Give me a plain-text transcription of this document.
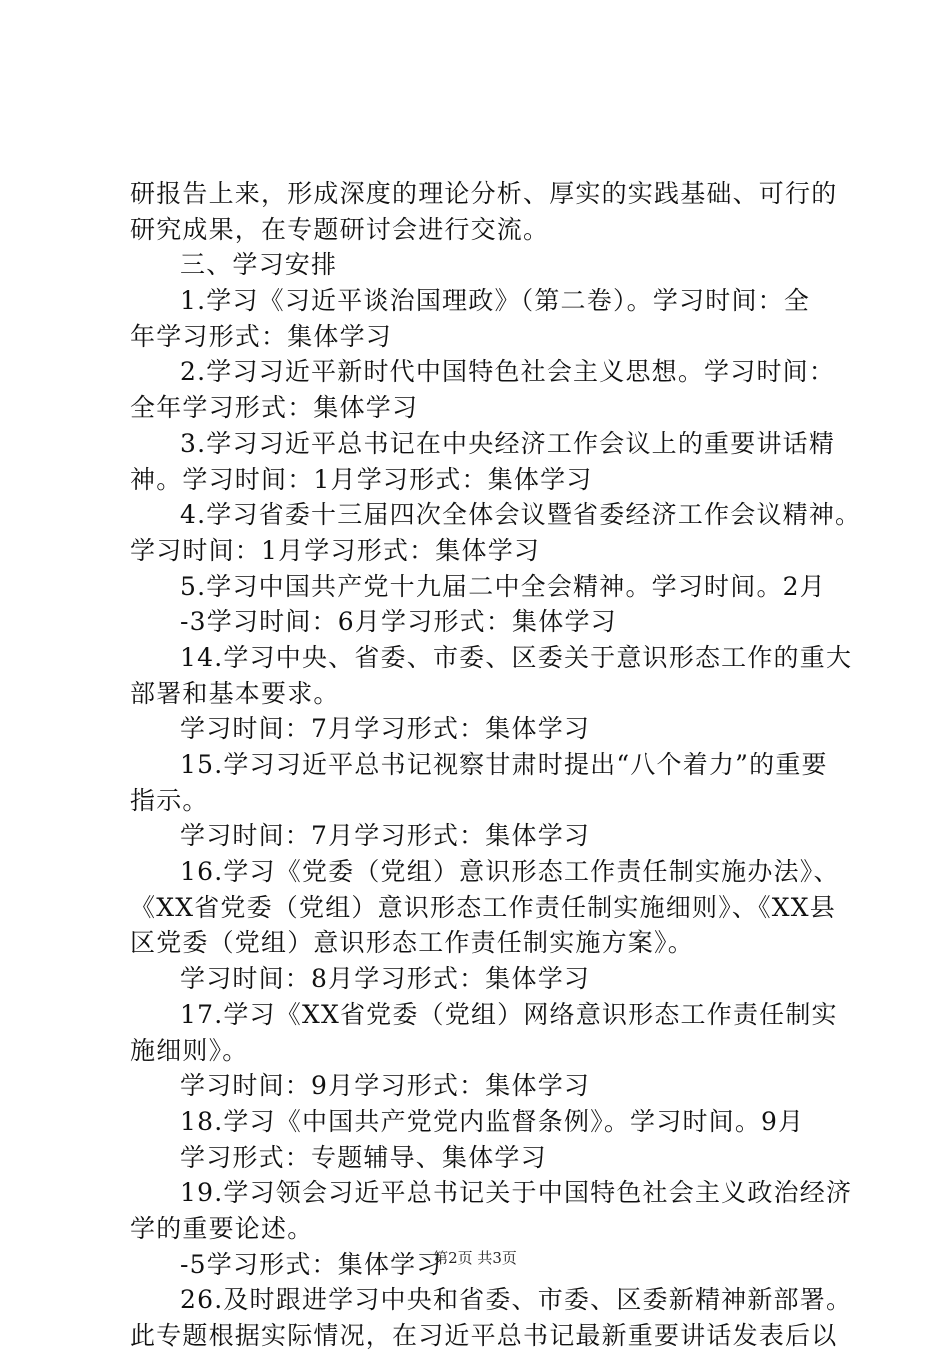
研报告上来，形成深度的理论分析、厚实的实践基础、可行的
研究成果，在专题研讨会进行交流。
三、学习安排
1.学习《习近平谈治国理政》（第二卷）。学习时间：全
年学习形式：集体学习
2.学习习近平新时代中国特色社会主义思想。学习时间：
全年学习形式：集体学习
3.学习习近平总书记在中央经济工作会议上的重要讲话精
神。学习时间：1月学习形式：集体学习
4.学习省委十三届四次全体会议暨省委经济工作会议精神。
学习时间：1月学习形式：集体学习
5.学习中国共产党十九届二中全会精神。学习时间。2月
-3学习时间：6月学习形式：集体学习
14.学习中央、省委、市委、区委关于意识形态工作的重大
部署和基本要求。
学习时间：7月学习形式：集体学习
15.学习习近平总书记视察甘肃时提出“八个着力”的重要
指示。
学习时间：7月学习形式：集体学习
16.学习《党委（党组）意识形态工作责任制实施办法》、
《XX省党委（党组）意识形态工作责任制实施细则》、《XX县
区党委（党组）意识形态工作责任制实施方案》。
学习时间：8月学习形式：集体学习
17.学习《XX省党委（党组）网络意识形态工作责任制实
施细则》。
学习时间：9月学习形式：集体学习
18.学习《中国共产党党内监督条例》。学习时间。9月
学习形式：专题辅导、集体学习
19.学习领会习近平总书记关于中国特色社会主义政治经济
学的重要论述。
-5学习形式：集体学习
26.及时跟进学习中央和省委、市委、区委新精神新部署。
此专题根据实际情况，在习近平总书记最新重要讲话发表后以
第2页 共3页
